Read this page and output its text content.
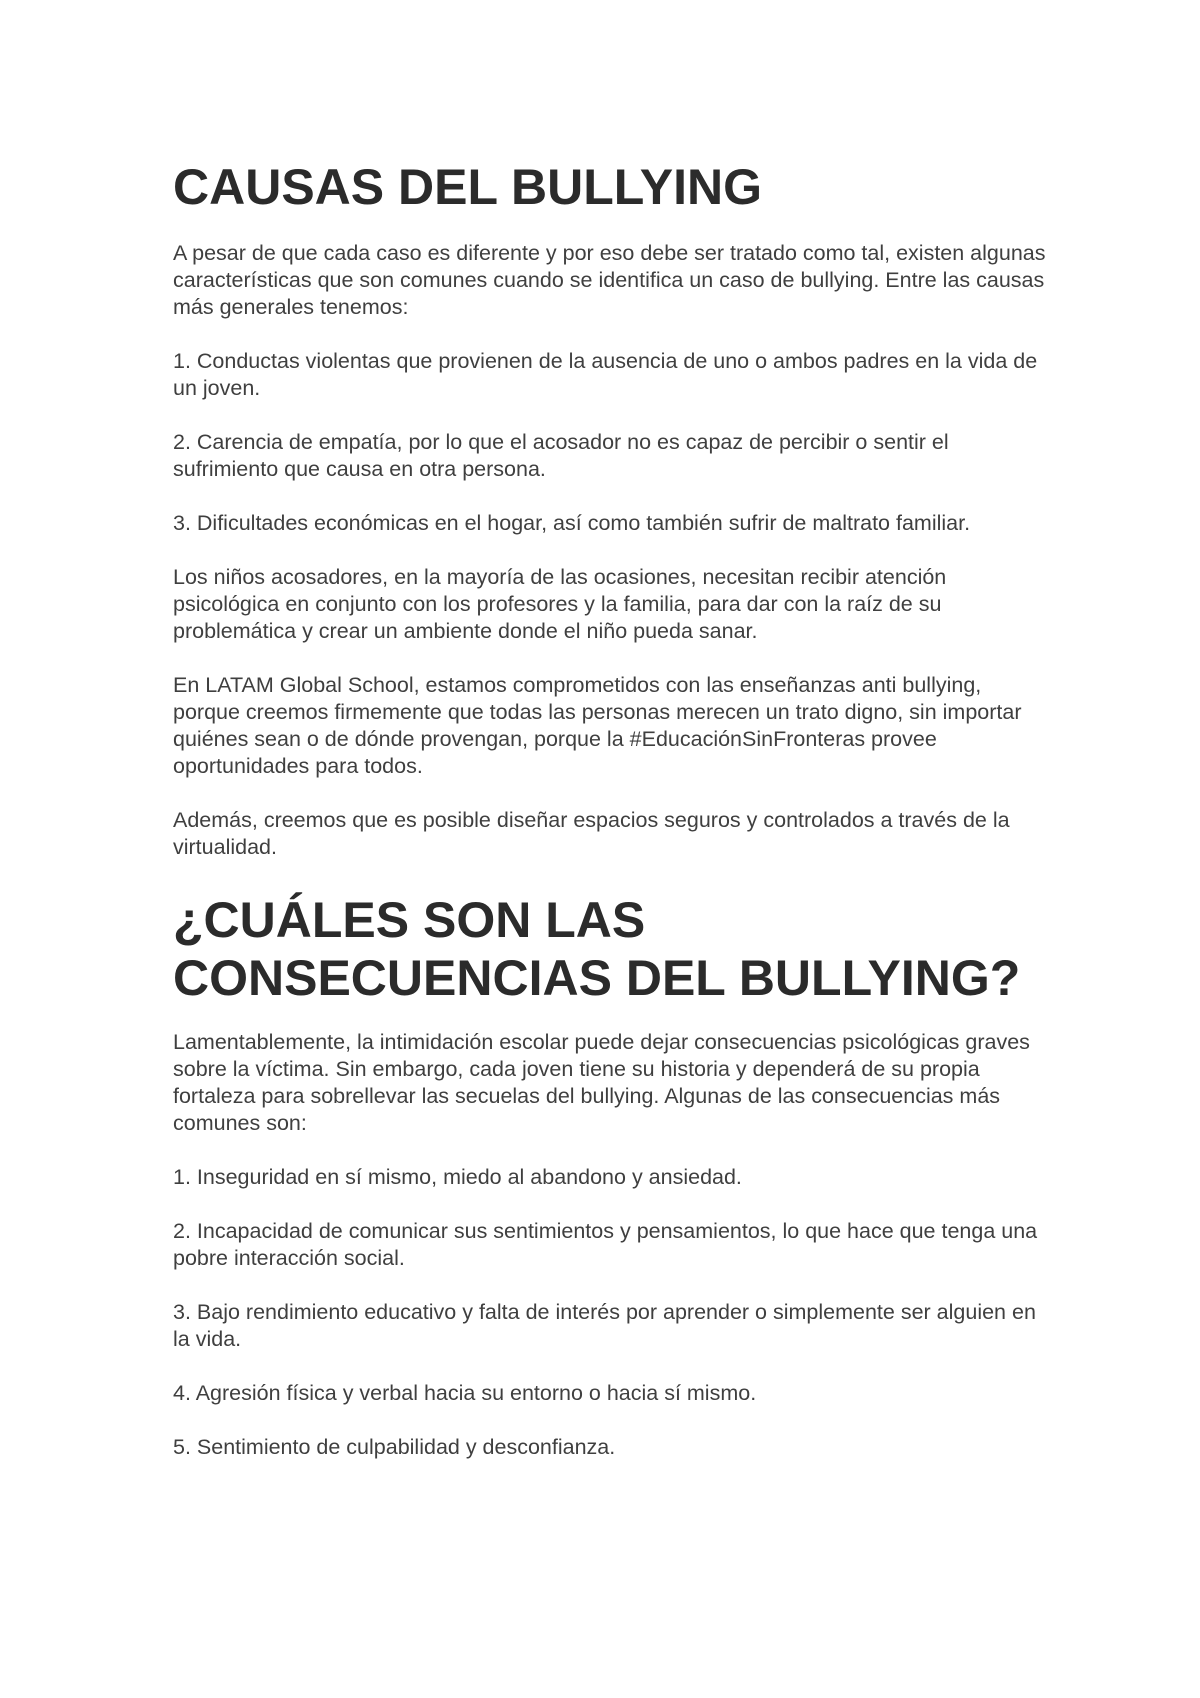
CAUSAS DEL BULLYING

A pesar de que cada caso es diferente y por eso debe ser tratado como tal, existen algunas características que son comunes cuando se identifica un caso de bullying. Entre las causas más generales tenemos:

1. Conductas violentas que provienen de la ausencia de uno o ambos padres en la vida de un joven.

2. Carencia de empatía, por lo que el acosador no es capaz de percibir o sentir el sufrimiento que causa en otra persona.

3. Dificultades económicas en el hogar, así como también sufrir de maltrato familiar.

Los niños acosadores, en la mayoría de las ocasiones, necesitan recibir atención psicológica en conjunto con los profesores y la familia, para dar con la raíz de su problemática y crear un ambiente donde el niño pueda sanar.

En LATAM Global School, estamos comprometidos con las enseñanzas anti bullying, porque creemos firmemente que todas las personas merecen un trato digno, sin importar quiénes sean o de dónde provengan, porque la #EducaciónSinFronteras provee oportunidades para todos.

Además, creemos que es posible diseñar espacios seguros y controlados a través de la virtualidad.

¿CUÁLES SON LAS
CONSECUENCIAS DEL BULLYING?

Lamentablemente, la intimidación escolar puede dejar consecuencias psicológicas graves sobre la víctima. Sin embargo, cada joven tiene su historia y dependerá de su propia fortaleza para sobrellevar las secuelas del bullying. Algunas de las consecuencias más comunes son:

1. Inseguridad en sí mismo, miedo al abandono y ansiedad.

2. Incapacidad de comunicar sus sentimientos y pensamientos, lo que hace que tenga una pobre interacción social.

3. Bajo rendimiento educativo y falta de interés por aprender o simplemente ser alguien en la vida.

4. Agresión física y verbal hacia su entorno o hacia sí mismo.

5. Sentimiento de culpabilidad y desconfianza.
